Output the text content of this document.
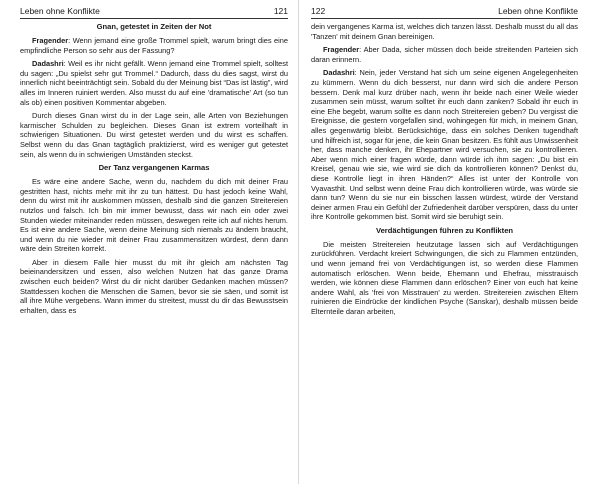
Leben ohne Konflikte	121
Gnan, getestet in Zeiten der Not

Fragender: Wenn jemand eine große Trommel spielt, warum bringt dies eine empfindliche Person so sehr aus der Fassung?

Dadashri: Weil es ihr nicht gefällt. Wenn jemand eine Trommel spielt, solltest du sagen: „Du spielst sehr gut Trommel.“ Dadurch, dass du dies sagst, wirst du innerlich nicht beeinträchtigt sein. Sobald du der Meinung bist “Das ist lästig”, wird alles im Inneren ruiniert werden. Also musst du auf eine 'dramatische' Art (so tun als ob) einen positiven Kommentar abgeben.

Durch dieses Gnan wirst du in der Lage sein, alle Arten von Beziehungen karmischer Schulden zu begleichen. Dieses Gnan ist extrem vorteilhaft in schwierigen Situationen. Du wirst getestet werden und du wirst es schaffen. Selbst wenn du das Gnan tagtäglich praktizierst, wird es weniger gut getestet sein, als wenn du in schwierigen Umständen steckst.

Der Tanz vergangenen Karmas

Es wäre eine andere Sache, wenn du, nachdem du dich mit deiner Frau gestritten hast, nichts mehr mit ihr zu tun hättest. Du hast jedoch keine Wahl, denn du wirst mit ihr auskommen müssen, deshalb sind die ganzen Streitereien nutzlos und falsch. Ich bin mir immer bewusst, dass wir nach ein oder zwei Stunden wieder miteinander reden müssen, deswegen reite ich auf nichts herum. Es ist eine andere Sache, wenn deine Meinung sich niemals zu ändern braucht, und wenn du nie wieder mit deiner Frau zusammensitzen würdest, denn dann wäre dein Streiten korrekt.

Aber in diesem Falle hier musst du mit ihr gleich am nächsten Tag beieinandersitzen und essen, also welchen Nutzen hat das ganze Drama zwischen euch beiden? Wirst du dir nicht darüber Gedanken machen müssen? Stattdessen kochen die Menschen die Samen, bevor sie sie säen, und somit ist all ihre Mühe vergebens. Wann immer du streitest, musst du dir das Bewusstsein erhalten, dass es

122	Leben ohne Konflikte

dein vergangenes Karma ist, welches dich tanzen lässt. Deshalb musst du all das 'Tanzen' mit deinem Gnan bereinigen.

Fragender: Aber Dada, sicher müssen doch beide streitenden Parteien sich daran erinnern.

Dadashri: Nein, jeder Verstand hat sich um seine eigenen Angelegenheiten zu kümmern. Wenn du dich besserst, nur dann wird sich die andere Person bessern. Denk mal kurz drüber nach, wenn ihr beide nach einer Weile wieder zusammen sein müsst, warum solltet ihr euch dann zanken? Sobald ihr euch in eine Ehe begebt, warum sollte es dann noch Streitereien geben? Du vergisst die Ereignisse, die gestern vorgefallen sind, wohingegen für mich, in meinem Gnan, alles gegenwärtig bleibt. Berücksichtige, dass ein solches Denken tugendhaft und hilfreich ist, sogar für jene, die kein Gnan besitzen. Es fühlt aus Unwissenheit her, dass manche denken, ihr Ehepartner wird versuchen, sie zu kontrollieren. Aber wenn mich einer fragen würde, dann würde ich ihm sagen: „Du bist ein Kreisel, genau wie sie, wie wird sie dich da kontrollieren können? Denkst du, diese Kontrolle liegt in ihren Händen?“ Alles ist unter der Kontrolle von Vyavasthit. Und selbst wenn deine Frau dich kontrollieren würde, was würde sie dann tun? Wenn du sie nur ein bisschen lassen würdest, würde der Verstand deiner armen Frau ein Gefühl der Zufriedenheit darüber verspüren, dass du unter ihre Kontrolle gekommen bist. Somit wird sie beruhigt sein.

Verdächtigungen führen zu Konflikten

Die meisten Streitereien heutzutage lassen sich auf Verdächtigungen zurückführen. Verdacht kreiert Schwingungen, die sich zu Flammen entzünden, und wenn jemand frei von Verdächtigungen ist, so werden diese Flammen automatisch erlöschen. Wenn beide, Ehemann und Ehefrau, misstrauisch werden, wie können diese Flammen dann erlöschen? Einer von euch hat keine andere Wahl, als 'frei von Misstrauen' zu werden. Streitereien zwischen Eltern ruinieren die Eindrücke der kindlichen Psyche (Sanskar), deshalb müssen beide Elternteile daran arbeiten,
